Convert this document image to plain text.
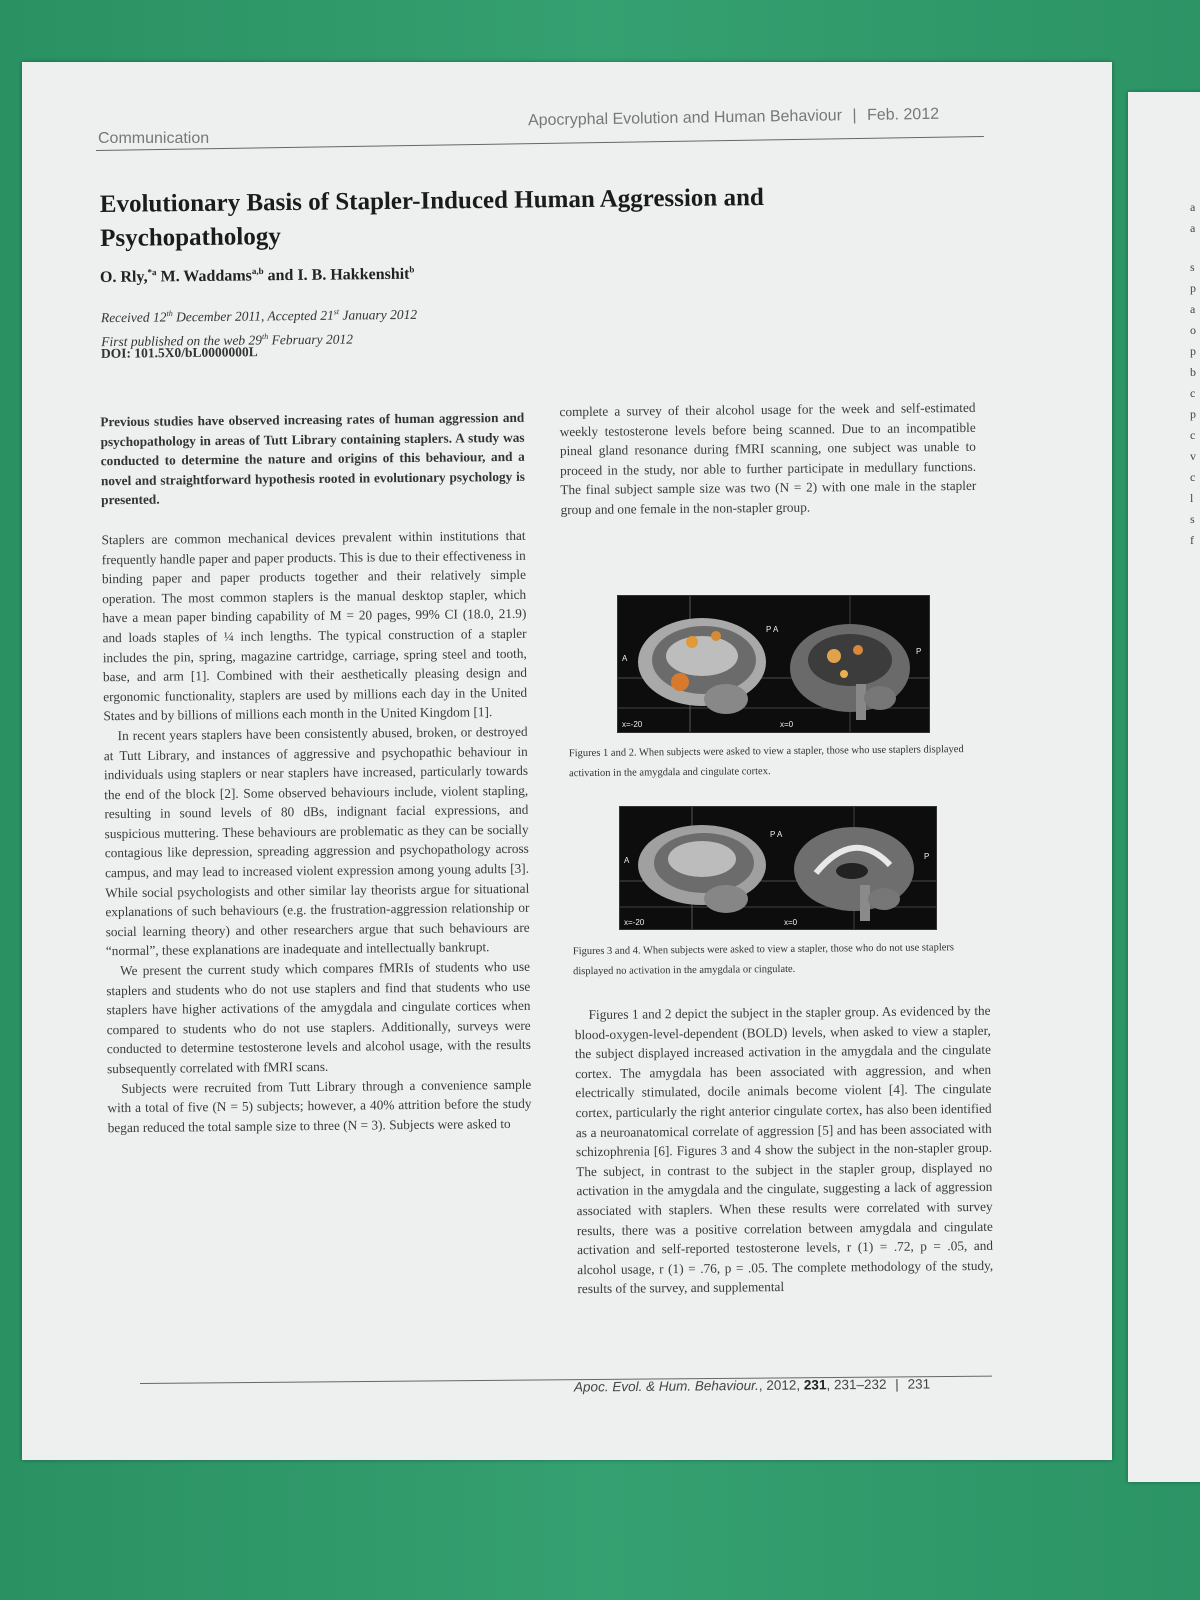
a
a
s
p
a
o
p
b
c
p
c
v
c
l
s
f
Communication
Apocryphal Evolution and Human Behaviour | Feb. 2012
Evolutionary Basis of Stapler-Induced Human Aggression and Psychopathology
O. Rly,$^{*a}$ M. Waddams$^{a,b}$ and I. B. Hakkenshit$^b$
Received 12th December 2011, Accepted 21st January 2012
First published on the web 29th February 2012
DOI: 101.5X0/bL0000000L

Previous studies have observed increasing rates of human aggression and psychopathology in areas of Tutt Library containing staplers. A study was conducted to determine the nature and origins of this behaviour, and a novel and straightforward hypothesis rooted in evolutionary psychology is presented.

Staplers are common mechanical devices prevalent within institutions that frequently handle paper and paper products. This is due to their effectiveness in binding paper and paper products together and their relatively simple operation. The most common staplers is the manual desktop stapler, which have a mean paper binding capability of M = 20 pages, 99% CI (18.0, 21.9) and loads staples of ¼ inch lengths. The typical construction of a stapler includes the pin, spring, magazine cartridge, carriage, spring steel and tooth, base, and arm [1]. Combined with their aesthetically pleasing design and ergonomic functionality, staplers are used by millions each day in the United States and by billions of millions each month in the United Kingdom [1].

In recent years staplers have been consistently abused, broken, or destroyed at Tutt Library, and instances of aggressive and psychopathic behaviour in individuals using staplers or near staplers have increased, particularly towards the end of the block [2]. Some observed behaviours include, violent stapling, resulting in sound levels of 80 dBs, indignant facial expressions, and suspicious muttering. These behaviours are problematic as they can be socially contagious like depression, spreading aggression and psychopathology across campus, and may lead to increased violent expression among young adults [3]. While social psychologists and other similar lay theorists argue for situational explanations of such behaviours (e.g. the frustration-aggression relationship or social learning theory) and other researchers argue that such behaviours are “normal”, these explanations are inadequate and intellectually bankrupt.

We present the current study which compares fMRIs of students who use staplers and students who do not use staplers and find that students who use staplers have higher activations of the amygdala and cingulate cortices when compared to students who do not use staplers. Additionally, surveys were conducted to determine testosterone levels and alcohol usage, with the results subsequently correlated with fMRI scans.

Subjects were recruited from Tutt Library through a convenience sample with a total of five (N = 5) subjects; however, a 40% attrition before the study began reduced the total sample size to three (N = 3). Subjects were asked to

complete a survey of their alcohol usage for the week and self-estimated weekly testosterone levels before being scanned. Due to an incompatible pineal gland resonance during fMRI scanning, one subject was unable to proceed in the study, nor able to further participate in medullary functions. The final subject sample size was two (N = 2) with one male in the stapler group and one female in the non-stapler group.

A
P A
P
x=-20	x=0
Figures 1 and 2. When subjects were asked to view a stapler, those who use staplers displayed activation in the amygdala and cingulate cortex.
A
P A
P
x=-20	x=0
Figures 3 and 4. When subjects were asked to view a stapler, those who do not use staplers displayed no activation in the amygdala or cingulate.

Figures 1 and 2 depict the subject in the stapler group. As evidenced by the blood-oxygen-level-dependent (BOLD) levels, when asked to view a stapler, the subject displayed increased activation in the amygdala and the cingulate cortex. The amygdala has been associated with aggression, and when electrically stimulated, docile animals become violent [4]. The cingulate cortex, particularly the right anterior cingulate cortex, has also been identified as a neuroanatomical correlate of aggression [5] and has been associated with schizophrenia [6]. Figures 3 and 4 show the subject in the non-stapler group. The subject, in contrast to the subject in the stapler group, displayed no activation in the amygdala and the cingulate, suggesting a lack of aggression associated with staplers. When these results were correlated with survey results, there was a positive correlation between amygdala and cingulate activation and self-reported testosterone levels, r (1) = .72, p = .05, and alcohol usage, r (1) = .76, p = .05. The complete methodology of the study, results of the survey, and supplemental

Apoc. Evol. & Hum. Behaviour., 2012, 231, 231–232 | 231
